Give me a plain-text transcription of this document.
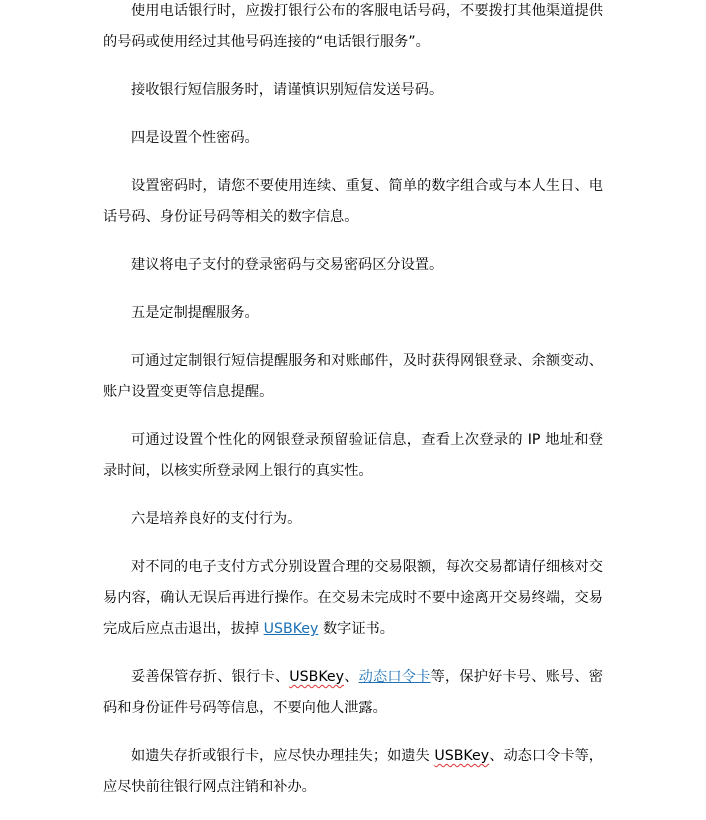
使用电话银行时，应拨打银行公布的客服电话号码，不要拨打其他渠道提供的号码或使用经过其他号码连接的“电话银行服务”。

接收银行短信服务时，请谨慎识别短信发送号码。

四是设置个性密码。

设置密码时，请您不要使用连续、重复、简单的数字组合或与本人生日、电话号码、身份证号码等相关的数字信息。

建议将电子支付的登录密码与交易密码区分设置。

五是定制提醒服务。

可通过定制银行短信提醒服务和对账邮件，及时获得网银登录、余额变动、账户设置变更等信息提醒。

可通过设置个性化的网银登录预留验证信息，查看上次登录的 IP 地址和登录时间，以核实所登录网上银行的真实性。

六是培养良好的支付行为。

对不同的电子支付方式分别设置合理的交易限额，每次交易都请仔细核对交易内容，确认无误后再进行操作。在交易未完成时不要中途离开交易终端，交易完成后应点击退出，拔掉 USBKey 数字证书。

妥善保管存折、银行卡、USBKey、动态口令卡等，保护好卡号、账号、密码和身份证件号码等信息，不要向他人泄露。

如遗失存折或银行卡，应尽快办理挂失；如遗失 USBKey、动态口令卡等，应尽快前往银行网点注销和补办。
